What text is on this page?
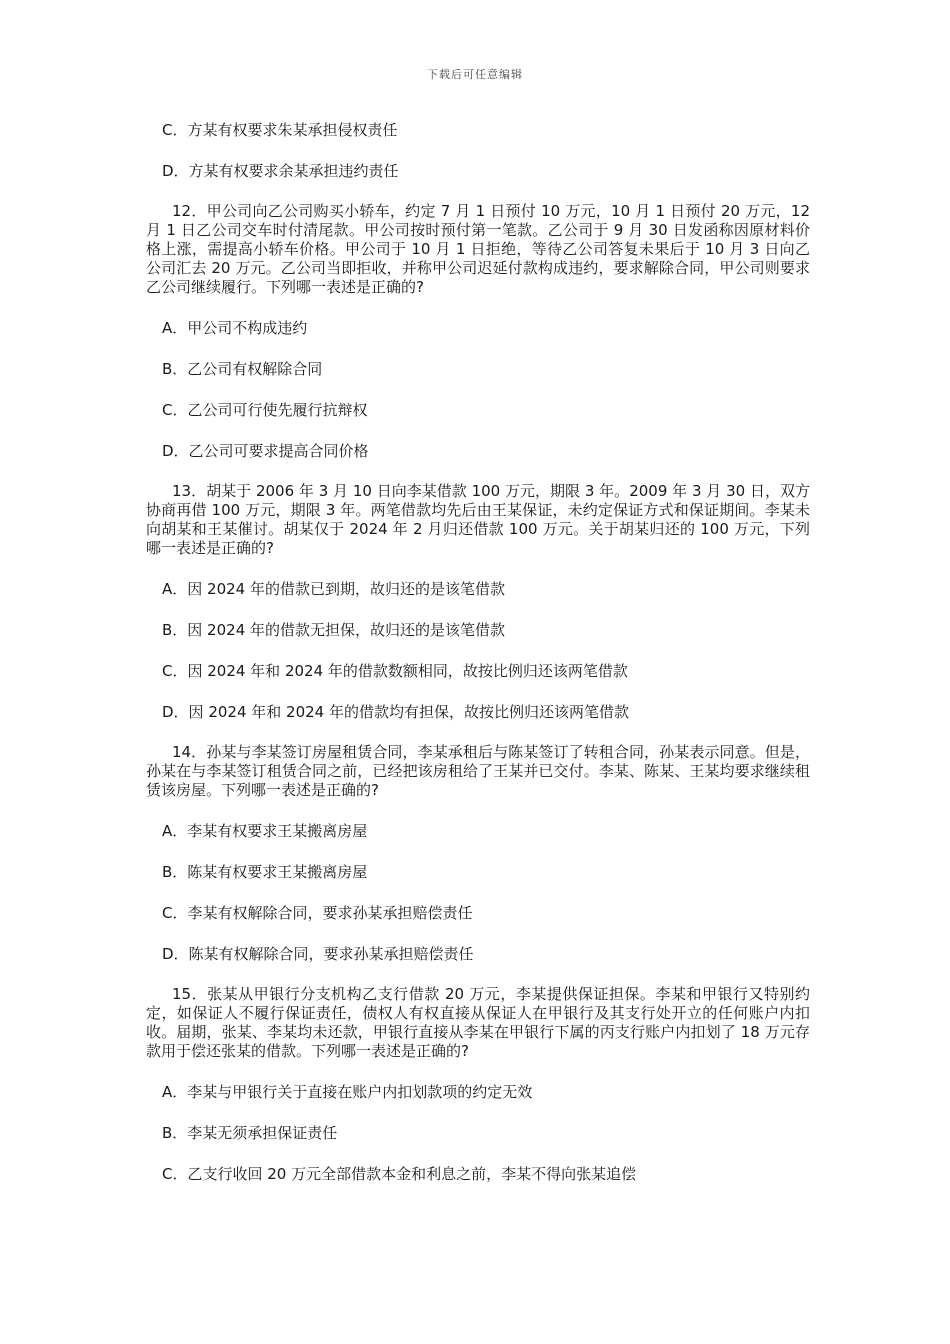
下载后可任意编辑
C．方某有权要求朱某承担侵权责任
D．方某有权要求余某承担违约责任
12．甲公司向乙公司购买小轿车，约定 7 月 1 日预付 10 万元，10 月 1 日预付 20 万元，12 月 1 日乙公司交车时付清尾款。甲公司按时预付第一笔款。乙公司于 9 月 30 日发函称因原材料价格上涨，需提高小轿车价格。甲公司于 10 月 1 日拒绝，等待乙公司答复未果后于 10 月 3 日向乙公司汇去 20 万元。乙公司当即拒收，并称甲公司迟延付款构成违约，要求解除合同，甲公司则要求乙公司继续履行。下列哪一表述是正确的?
A．甲公司不构成违约
B．乙公司有权解除合同
C．乙公司可行使先履行抗辩权
D．乙公司可要求提高合同价格
13．胡某于 2006 年 3 月 10 日向李某借款 100 万元，期限 3 年。2009 年 3 月 30 日，双方协商再借 100 万元，期限 3 年。两笔借款均先后由王某保证，未约定保证方式和保证期间。李某未向胡某和王某催讨。胡某仅于 2024 年 2 月归还借款 100 万元。关于胡某归还的 100 万元，下列哪一表述是正确的?
A．因 2024 年的借款已到期，故归还的是该笔借款
B．因 2024 年的借款无担保，故归还的是该笔借款
C．因 2024 年和 2024 年的借款数额相同，故按比例归还该两笔借款
D．因 2024 年和 2024 年的借款均有担保，故按比例归还该两笔借款
14．孙某与李某签订房屋租赁合同，李某承租后与陈某签订了转租合同，孙某表示同意。但是，孙某在与李某签订租赁合同之前，已经把该房租给了王某并已交付。李某、陈某、王某均要求继续租赁该房屋。下列哪一表述是正确的?
A．李某有权要求王某搬离房屋
B．陈某有权要求王某搬离房屋
C．李某有权解除合同，要求孙某承担赔偿责任
D．陈某有权解除合同，要求孙某承担赔偿责任
15．张某从甲银行分支机构乙支行借款 20 万元，李某提供保证担保。李某和甲银行又特别约定，如保证人不履行保证责任，债权人有权直接从保证人在甲银行及其支行处开立的任何账户内扣收。届期，张某、李某均未还款，甲银行直接从李某在甲银行下属的丙支行账户内扣划了 18 万元存款用于偿还张某的借款。下列哪一表述是正确的?
A．李某与甲银行关于直接在账户内扣划款项的约定无效
B．李某无须承担保证责任
C．乙支行收回 20 万元全部借款本金和利息之前，李某不得向张某追偿
